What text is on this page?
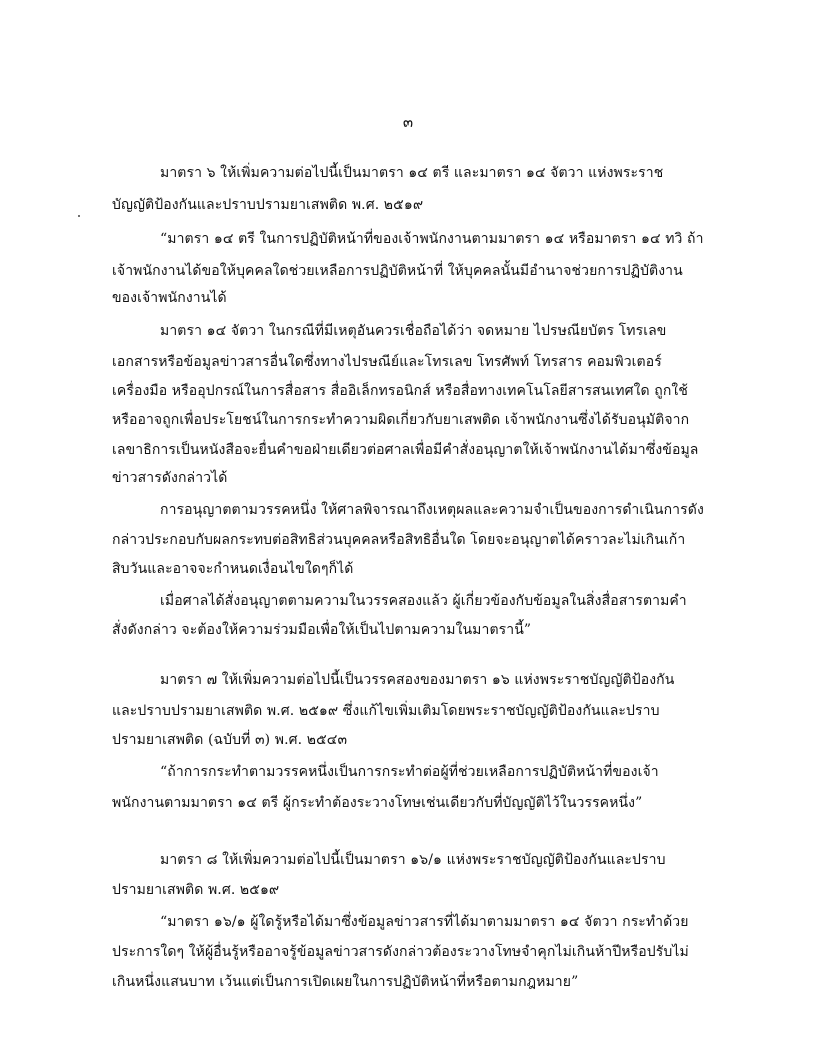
๓
มาตรา ๖ ให้เพิ่มความต่อไปนี้เป็นมาตรา ๑๔ ตรี และมาตรา ๑๔ จัตวา แห่งพระราช
บัญญัติป้องกันและปราบปรามยาเสพติด พ.ศ. ๒๕๑๙
“มาตรา ๑๔ ตรี ในการปฏิบัติหน้าที่ของเจ้าพนักงานตามมาตรา ๑๔ หรือมาตรา ๑๔ ทวิ ถ้า
เจ้าพนักงานได้ขอให้บุคคลใดช่วยเหลือการปฏิบัติหน้าที่ ให้บุคคลนั้นมีอำนาจช่วยการปฏิบัติงาน
ของเจ้าพนักงานได้
มาตรา ๑๔ จัตวา ในกรณีที่มีเหตุอันควรเชื่อถือได้ว่า จดหมาย ไปรษณียบัตร โทรเลข
เอกสารหรือข้อมูลข่าวสารอื่นใดซึ่งทางไปรษณีย์และโทรเลข โทรศัพท์ โทรสาร คอมพิวเตอร์
เครื่องมือ หรืออุปกรณ์ในการสื่อสาร สื่ออิเล็กทรอนิกส์ หรือสื่อทางเทคโนโลยีสารสนเทศใด ถูกใช้
หรืออาจถูกเพื่อประโยชน์ในการกระทำความผิดเกี่ยวกับยาเสพติด เจ้าพนักงานซึ่งได้รับอนุมัติจาก
เลขาธิการเป็นหนังสือจะยื่นคำขอฝ่ายเดียวต่อศาลเพื่อมีคำสั่งอนุญาตให้เจ้าพนักงานได้มาซึ่งข้อมูล
ข่าวสารดังกล่าวได้
การอนุญาตตามวรรคหนึ่ง ให้ศาลพิจารณาถึงเหตุผลและความจำเป็นของการดำเนินการดัง
กล่าวประกอบกับผลกระทบต่อสิทธิส่วนบุคคลหรือสิทธิอื่นใด โดยจะอนุญาตได้คราวละไม่เกินเก้า
สิบวันและอาจจะกำหนดเงื่อนไขใดๆก็ได้
เมื่อศาลได้สั่งอนุญาตตามความในวรรคสองแล้ว ผู้เกี่ยวข้องกับข้อมูลในสิ่งสื่อสารตามคำ
สั่งดังกล่าว จะต้องให้ความร่วมมือเพื่อให้เป็นไปตามความในมาตรานี้”
มาตรา ๗ ให้เพิ่มความต่อไปนี้เป็นวรรคสองของมาตรา ๑๖ แห่งพระราชบัญญัติป้องกัน
และปราบปรามยาเสพติด พ.ศ. ๒๕๑๙ ซึ่งแก้ไขเพิ่มเติมโดยพระราชบัญญัติป้องกันและปราบ
ปรามยาเสพติด (ฉบับที่ ๓) พ.ศ. ๒๕๔๓
“ถ้าการกระทำตามวรรคหนึ่งเป็นการกระทำต่อผู้ที่ช่วยเหลือการปฏิบัติหน้าที่ของเจ้า
พนักงานตามมาตรา ๑๔ ตรี ผู้กระทำต้องระวางโทษเช่นเดียวกับที่บัญญัติไว้ในวรรคหนึ่ง”
มาตรา ๘ ให้เพิ่มความต่อไปนี้เป็นมาตรา ๑๖/๑ แห่งพระราชบัญญัติป้องกันและปราบ
ปรามยาเสพติด พ.ศ. ๒๕๑๙
“มาตรา ๑๖/๑ ผู้ใดรู้หรือได้มาซึ่งข้อมูลข่าวสารที่ได้มาตามมาตรา ๑๔ จัตวา กระทำด้วย
ประการใดๆ ให้ผู้อื่นรู้หรืออาจรู้ข้อมูลข่าวสารดังกล่าวต้องระวางโทษจำคุกไม่เกินห้าปีหรือปรับไม่
เกินหนึ่งแสนบาท เว้นแต่เป็นการเปิดเผยในการปฏิบัติหน้าที่หรือตามกฎหมาย”
